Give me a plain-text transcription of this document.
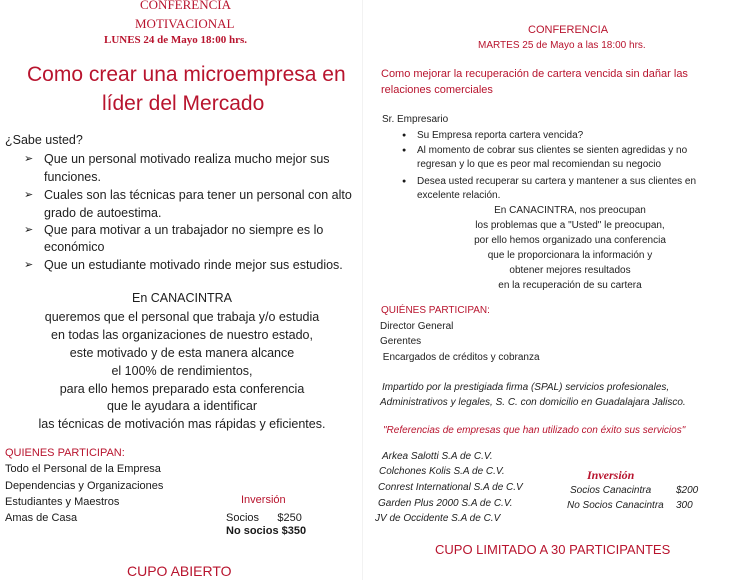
CONFERENCIA
MOTIVACIONAL
LUNES 24 de Mayo 18:00 hrs.
Como crear una microempresa en
líder del Mercado
¿Sabe usted?
➢ Que un personal motivado realiza mucho mejor sus
funciones.
➢ Cuales son las técnicas para tener un personal con alto
grado de autoestima.
➢ Que para motivar a un trabajador no siempre es lo
económico
➢ Que un estudiante motivado rinde mejor sus estudios.
En CANACINTRA
queremos que el personal que trabaja y/o estudia
en todas las organizaciones de nuestro estado,
este motivado y de esta manera alcance
el 100% de rendimientos,
para ello hemos preparado esta conferencia
que le ayudara a identificar
las técnicas de motivación mas rápidas y eficientes.
QUIENES PARTICIPAN:
Todo el Personal de la Empresa
Dependencias y Organizaciones
Estudiantes y Maestros
Amas de Casa
Inversión
Socios      $250
No socios $350
CUPO ABIERTO
CONFERENCIA
MARTES 25 de Mayo a las 18:00 hrs.
Como mejorar la recuperación de cartera vencida sin dañar las
relaciones comerciales
Sr. Empresario
● Su Empresa reporta cartera vencida?
● Al momento de cobrar sus clientes se sienten agredidas y no
regresan y lo que es peor mal recomiendan su negocio
● Desea usted recuperar su cartera y mantener a sus clientes en
excelente relación.
En CANACINTRA, nos preocupan
los problemas que a "Usted" le preocupan,
por ello hemos organizado una conferencia
que le proporcionara la información y
obtener mejores resultados
en la recuperación de su cartera
QUIÉNES PARTICIPAN:
Director General
Gerentes
Encargados de créditos y cobranza
Impartido por la prestigiada firma (SPAL) servicios profesionales,
Administrativos y legales, S. C. con domicilio en Guadalajara Jalisco.
"Referencias de empresas que han utilizado con éxito sus servicios"
Arkea Salotti S.A de C.V.
Colchones Kolis S.A de C.V.
Conrest International S.A de C.V
Garden Plus 2000 S.A de C.V.
JV de Occidente S.A de C.V
Inversión
Socios Canacintra $200
No Socios Canacintra 300
CUPO LIMITADO A 30 PARTICIPANTES
